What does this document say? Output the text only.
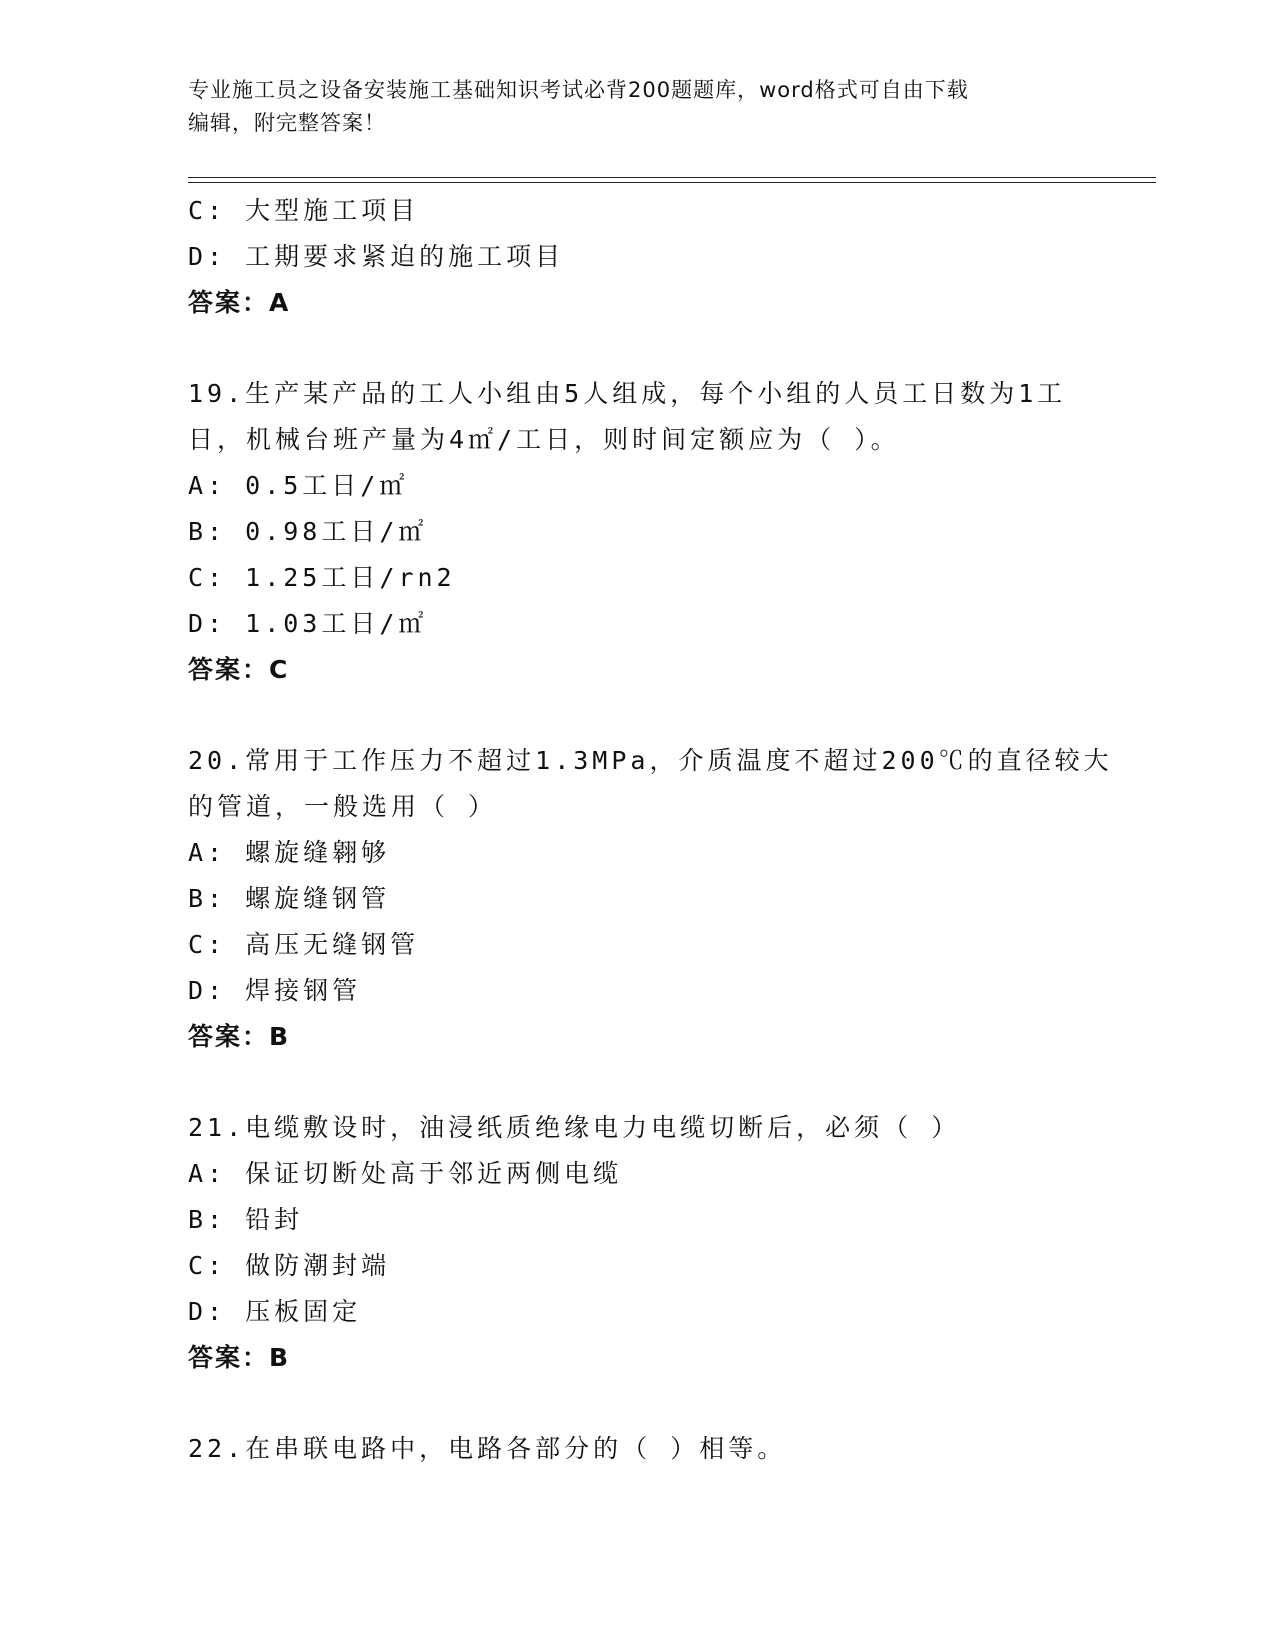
专业施工员之设备安装施工基础知识考试必背200题题库，word格式可自由下载
编辑，附完整答案！
C: 大型施工项目
D: 工期要求紧迫的施工项目
答案：A
19.生产某产品的工人小组由5人组成，每个小组的人员工日数为1工
日，机械台班产量为4㎡/工日，则时间定额应为（ ）。
A: 0.5工日/㎡
B: 0.98工日/㎡
C: 1.25工日/rn2
D: 1.03工日/㎡
答案：C
20.常用于工作压力不超过1.3MPa，介质温度不超过200℃的直径较大
的管道，一般选用（ ）
A: 螺旋缝翱够
B: 螺旋缝钢管
C: 高压无缝钢管
D: 焊接钢管
答案：B
21.电缆敷设时，油浸纸质绝缘电力电缆切断后，必须（ ）
A: 保证切断处高于邻近两侧电缆
B: 铅封
C: 做防潮封端
D: 压板固定
答案：B
22.在串联电路中，电路各部分的（ ）相等。
